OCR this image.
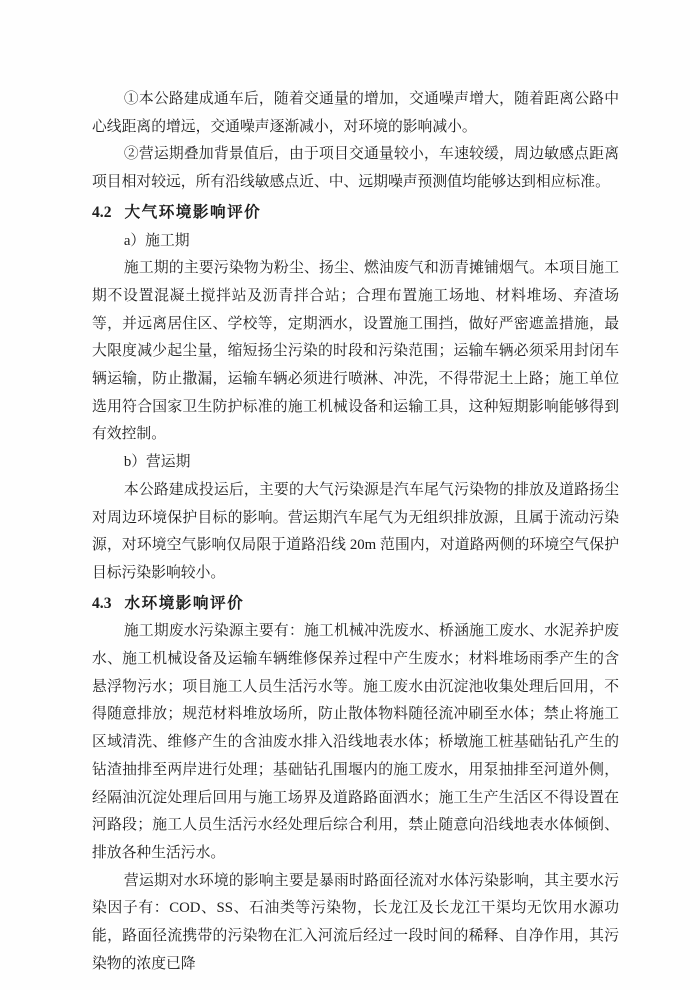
①本公路建成通车后，随着交通量的增加，交通噪声增大，随着距离公路中心线距离的增远，交通噪声逐渐减小，对环境的影响减小。

②营运期叠加背景值后，由于项目交通量较小，车速较缓，周边敏感点距离项目相对较远，所有沿线敏感点近、中、远期噪声预测值均能够达到相应标准。

4.2 大气环境影响评价

a）施工期

施工期的主要污染物为粉尘、扬尘、燃油废气和沥青摊铺烟气。本项目施工期不设置混凝土搅拌站及沥青拌合站；合理布置施工场地、材料堆场、弃渣场等，并远离居住区、学校等，定期洒水，设置施工围挡，做好严密遮盖措施，最大限度减少起尘量，缩短扬尘污染的时段和污染范围；运输车辆必须采用封闭车辆运输，防止撒漏，运输车辆必须进行喷淋、冲洗，不得带泥土上路；施工单位选用符合国家卫生防护标准的施工机械设备和运输工具，这种短期影响能够得到有效控制。

b）营运期

本公路建成投运后，主要的大气污染源是汽车尾气污染物的排放及道路扬尘对周边环境保护目标的影响。营运期汽车尾气为无组织排放源，且属于流动污染源，对环境空气影响仅局限于道路沿线 20m 范围内，对道路两侧的环境空气保护目标污染影响较小。

4.3 水环境影响评价

施工期废水污染源主要有：施工机械冲洗废水、桥涵施工废水、水泥养护废水、施工机械设备及运输车辆维修保养过程中产生废水；材料堆场雨季产生的含悬浮物污水；项目施工人员生活污水等。施工废水由沉淀池收集处理后回用，不得随意排放；规范材料堆放场所，防止散体物料随径流冲刷至水体；禁止将施工区域清洗、维修产生的含油废水排入沿线地表水体；桥墩施工桩基础钻孔产生的钻渣抽排至两岸进行处理；基础钻孔围堰内的施工废水，用泵抽排至河道外侧，经隔油沉淀处理后回用与施工场界及道路路面洒水；施工生产生活区不得设置在河路段；施工人员生活污水经处理后综合利用，禁止随意向沿线地表水体倾倒、排放各种生活污水。

营运期对水环境的影响主要是暴雨时路面径流对水体污染影响，其主要水污染因子有：COD、SS、石油类等污染物，长龙江及长龙江干渠均无饮用水源功能，路面径流携带的污染物在汇入河流后经过一段时间的稀释、自净作用，其污染物的浓度已降
